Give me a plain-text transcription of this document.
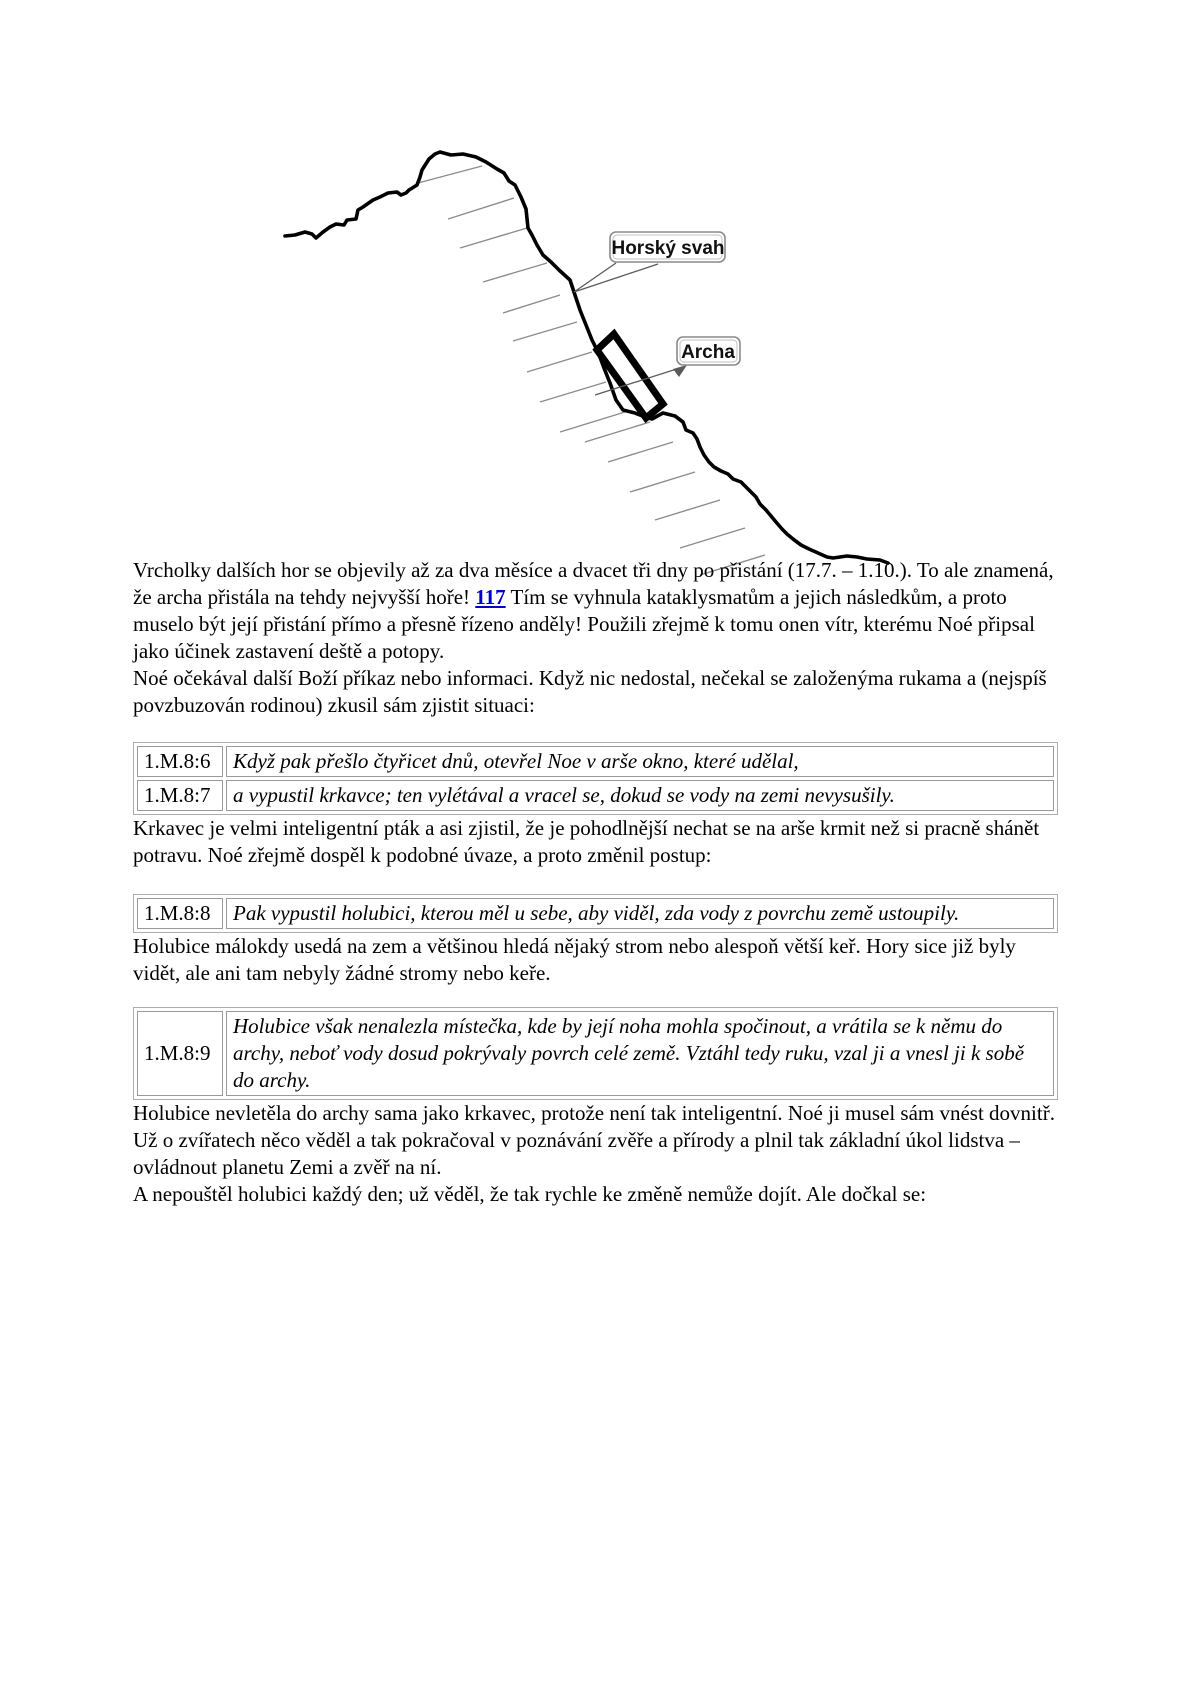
Horský svah
Archa

Vrcholky dalších hor se objevily až za dva měsíce a dvacet tři dny po přistání (17.7. – 1.10.). To ale znamená, že archa přistála na tehdy nejvyšší hoře! 117 Tím se vyhnula kataklysmatům a jejich následkům, a proto muselo být její přistání přímo a přesně řízeno anděly! Použili zřejmě k tomu onen vítr, kterému Noé připsal jako účinek zastavení deště a potopy.

Noé očekával další Boží příkaz nebo informaci. Když nic nedostal, nečekal se založenýma rukama a (nejspíš povzbuzován rodinou) zkusil sám zjistit situaci:

1.M.8:6	Když pak přešlo čtyřicet dnů, otevřel Noe v arše okno, které udělal,
1.M.8:7	a vypustil krkavce; ten vylétával a vracel se, dokud se vody na zemi nevysušily.

Krkavec je velmi inteligentní pták a asi zjistil, že je pohodlnější nechat se na arše krmit než si pracně shánět potravu. Noé zřejmě dospěl k podobné úvaze, a proto změnil postup:

1.M.8:8	Pak vypustil holubici, kterou měl u sebe, aby viděl, zda vody z povrchu země ustoupily.

Holubice málokdy usedá na zem a většinou hledá nějaký strom nebo alespoň větší keř. Hory sice již byly vidět, ale ani tam nebyly žádné stromy nebo keře.

1.M.8:9	Holubice však nenalezla místečka, kde by její noha mohla spočinout, a vrátila se k němu do archy, neboť vody dosud pokrývaly povrch celé země. Vztáhl tedy ruku, vzal ji a vnesl ji k sobě do archy.

Holubice nevletěla do archy sama jako krkavec, protože není tak inteligentní. Noé ji musel sám vnést dovnitř. Už o zvířatech něco věděl a tak pokračoval v poznávání zvěře a přírody a plnil tak základní úkol lidstva – ovládnout planetu Zemi a zvěř na ní.

A nepouštěl holubici každý den; už věděl, že tak rychle ke změně nemůže dojít. Ale dočkal se:
